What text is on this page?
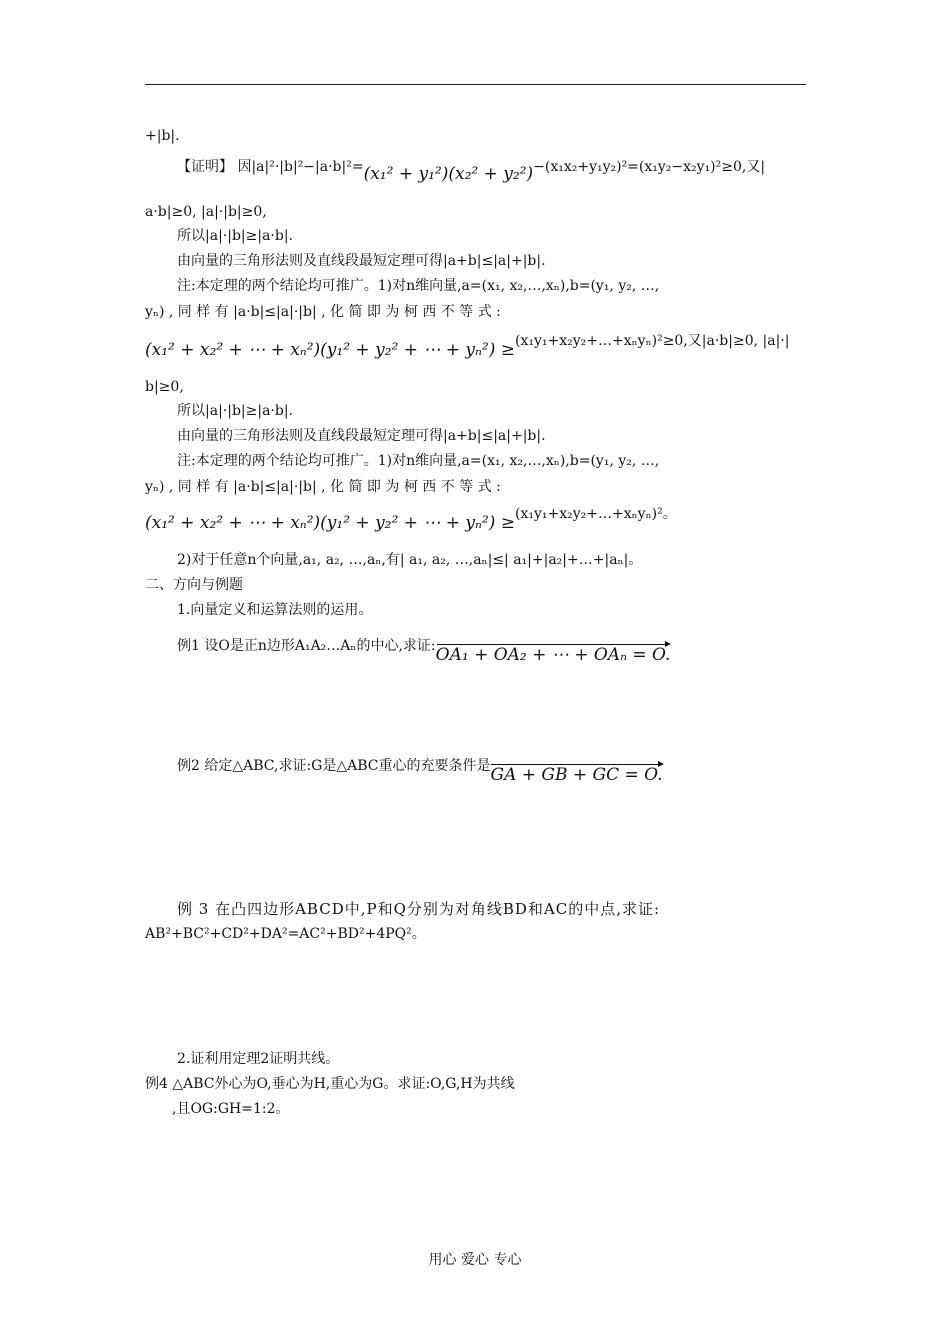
+|b|.
【证明】 因|a|²·|b|²−|a·b|²=(x₁² + y₁²)(x₂² + y₂²)−(x₁x₂+y₁y₂)²=(x₁y₂−x₂y₁)²≥0,又|
a·b|≥0, |a|·|b|≥0,
所以|a|·|b|≥|a·b|.
由向量的三角形法则及直线段最短定理可得|a+b|≤|a|+|b|.
注:本定理的两个结论均可推广。1)对n维向量,a=(x₁, x₂,…,xₙ),b=(y₁, y₂, …,
yₙ) , 同 样 有 |a·b|≤|a|·|b| , 化 简 即 为 柯 西 不 等 式 :
(x₁² + x₂² + ⋯ + xₙ²)(y₁² + y₂² + ⋯ + yₙ²) ≥(x₁y₁+x₂y₂+…+xₙyₙ)²≥0,又|a·b|≥0, |a|·|
b|≥0,
所以|a|·|b|≥|a·b|.
由向量的三角形法则及直线段最短定理可得|a+b|≤|a|+|b|.
注:本定理的两个结论均可推广。1)对n维向量,a=(x₁, x₂,…,xₙ),b=(y₁, y₂, …,
yₙ) , 同 样 有 |a·b|≤|a|·|b| , 化 简 即 为 柯 西 不 等 式 :
(x₁² + x₂² + ⋯ + xₙ²)(y₁² + y₂² + ⋯ + yₙ²) ≥(x₁y₁+x₂y₂+…+xₙyₙ)²。
2)对于任意n个向量,a₁, a₂, …,aₙ,有| a₁, a₂, …,aₙ|≤| a₁|+|a₂|+…+|aₙ|。
二、方向与例题
1.向量定义和运算法则的运用。
例1 设O是正n边形A₁A₂…Aₙ的中心,求证:OA₁ + OA₂ + ⋯ + OAₙ = O.
例2 给定△ABC,求证:G是△ABC重心的充要条件是GA + GB + GC = O.
例 3 在凸四边形ABCD中,P和Q分别为对角线BD和AC的中点,求证:
AB²+BC²+CD²+DA²=AC²+BD²+4PQ²。
2.证利用定理2证明共线。
例4 △ABC外心为O,垂心为H,重心为G。求证:O,G,H为共线
,且OG:GH=1:2。
用心 爱心 专心
